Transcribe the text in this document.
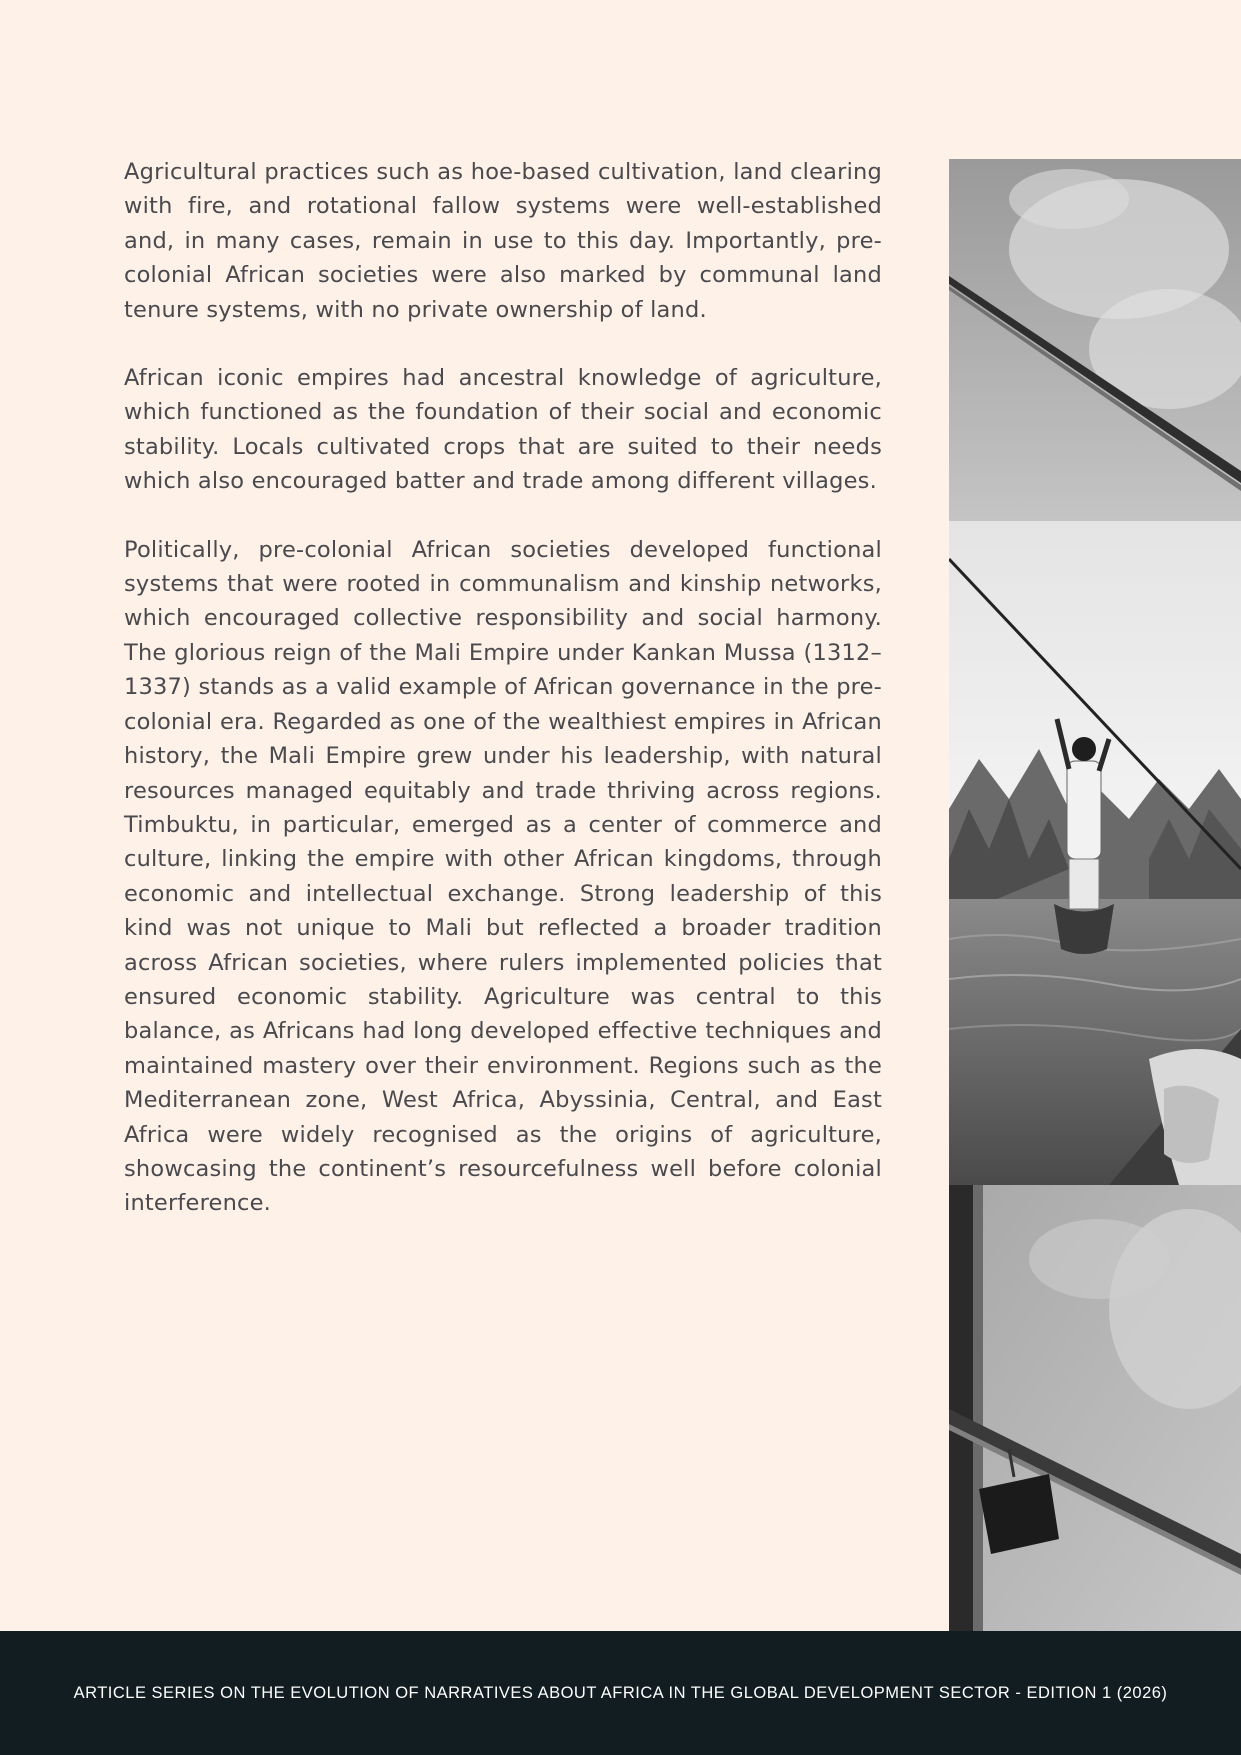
Agricultural practices such as hoe-based cultivation, land clearing with fire, and rotational fallow systems were well-established and, in many cases, remain in use to this day. Importantly, pre-colonial African societies were also marked by communal land tenure systems, with no private ownership of land.

African iconic empires had ancestral knowledge of agriculture, which functioned as the foundation of their social and economic stability. Locals cultivated crops that are suited to their needs which also encouraged batter and trade among different villages.

Politically, pre-colonial African societies developed functional systems that were rooted in communalism and kinship networks, which encouraged collective responsibility and social harmony. The glorious reign of the Mali Empire under Kankan Mussa (1312–1337) stands as a valid example of African governance in the pre-colonial era. Regarded as one of the wealthiest empires in African history, the Mali Empire grew under his leadership, with natural resources managed equitably and trade thriving across regions. Timbuktu, in particular, emerged as a center of commerce and culture, linking the empire with other African kingdoms, through economic and intellectual exchange. Strong leadership of this kind was not unique to Mali but reflected a broader tradition across African societies, where rulers implemented policies that ensured economic stability. Agriculture was central to this balance, as Africans had long developed effective techniques and maintained mastery over their environment. Regions such as the Mediterranean zone, West Africa, Abyssinia, Central, and East Africa were widely recognised as the origins of agriculture, showcasing the continent’s resourcefulness well before colonial interference.

ARTICLE SERIES ON THE EVOLUTION OF NARRATIVES ABOUT AFRICA IN THE GLOBAL DEVELOPMENT SECTOR - EDITION 1 (2026)
